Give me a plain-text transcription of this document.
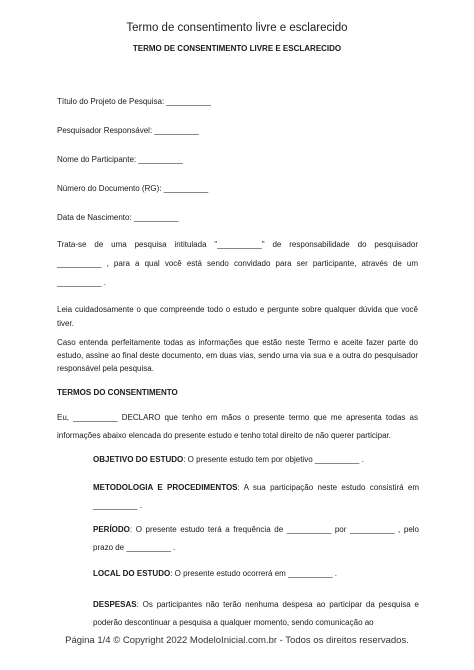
Termo de consentimento livre e esclarecido
TERMO DE CONSENTIMENTO LIVRE E ESCLARECIDO
Título do Projeto de Pesquisa: __________
Pesquisador Responsável: __________
Nome do Participante: __________
Número do Documento (RG): __________
Data de Nascimento: __________
Trata-se de uma pesquisa intitulada "__________" de responsabilidade do pesquisador
__________ , para a qual você está sendo convidado para ser participante, através de um
__________ .
Leia cuidadosamente o que compreende todo o estudo e pergunte sobre qualquer dúvida que você tiver.
Caso entenda perfeitamente todas as informações que estão neste Termo e aceite fazer parte do estudo, assine ao final deste documento, em duas vias, sendo uma via sua e a outra do pesquisador responsável pela pesquisa.
TERMOS DO CONSENTIMENTO
Eu, __________ DECLARO que tenho em mãos o presente termo que me apresenta todas as informações abaixo elencada do presente estudo e tenho total direito de não querer participar.
OBJETIVO DO ESTUDO: O presente estudo tem por objetivo __________ .
METODOLOGIA E PROCEDIMENTOS: A sua participação neste estudo consistirá em __________ .
PERÍODO: O presente estudo terá a frequência de __________ por __________ , pelo prazo de __________ .
LOCAL DO ESTUDO: O presente estudo ocorrerá em __________ .
DESPESAS: Os participantes não terão nenhuma despesa ao participar da pesquisa e poderão descontinuar a pesquisa a qualquer momento, sendo comunicação ao
Página 1/4 © Copyright 2022 ModeloInicial.com.br - Todos os direitos reservados.
